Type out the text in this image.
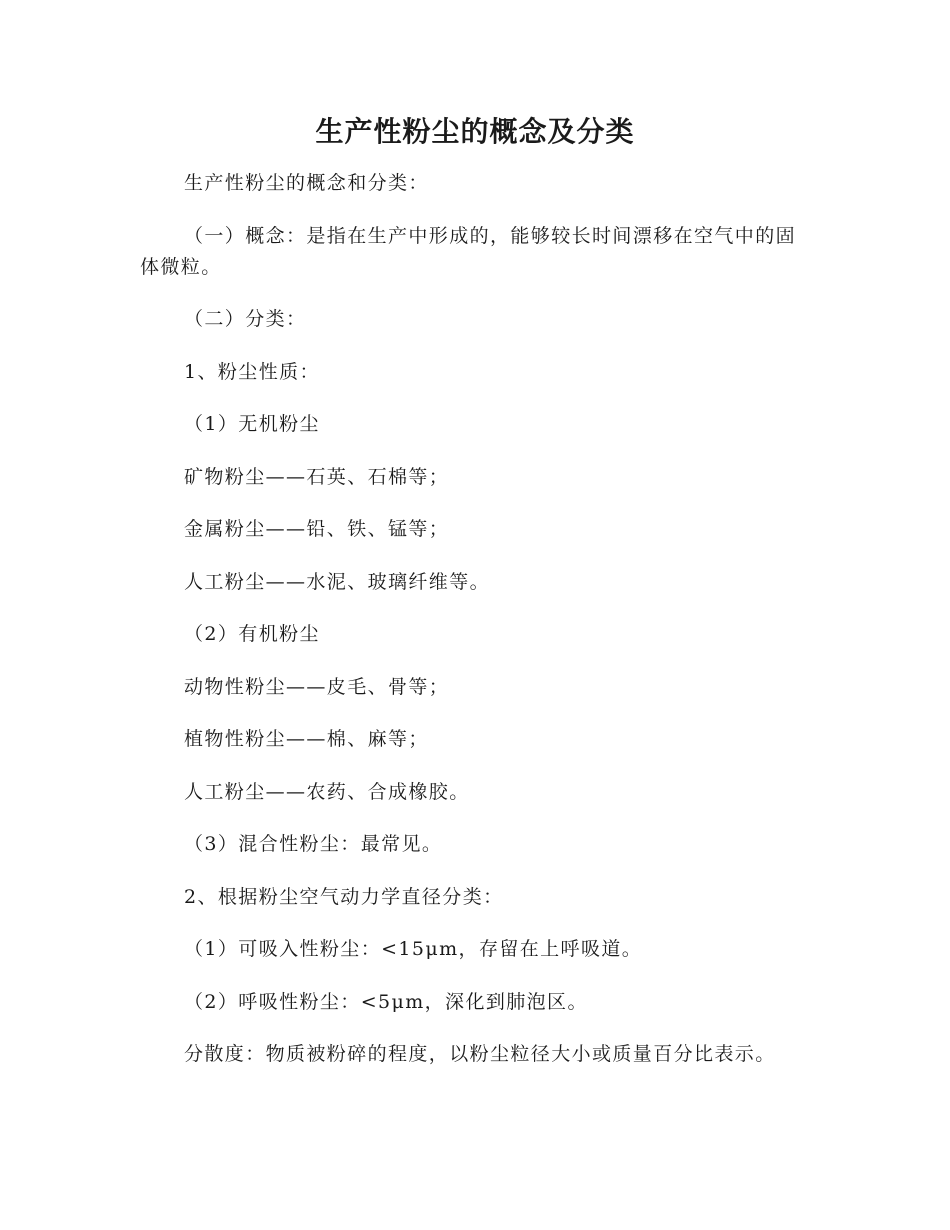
生产性粉尘的概念及分类

生产性粉尘的概念和分类：

（一）概念：是指在生产中形成的，能够较长时间漂移在空气中的固体微粒。

（二）分类：

1、粉尘性质：

（1）无机粉尘

矿物粉尘——石英、石棉等；

金属粉尘——铅、铁、锰等；

人工粉尘——水泥、玻璃纤维等。

（2）有机粉尘

动物性粉尘——皮毛、骨等；

植物性粉尘——棉、麻等；

人工粉尘——农药、合成橡胶。

（3）混合性粉尘：最常见。

2、根据粉尘空气动力学直径分类：

（1）可吸入性粉尘：<15μm，存留在上呼吸道。

（2）呼吸性粉尘：<5μm，深化到肺泡区。

分散度：物质被粉碎的程度，以粉尘粒径大小或质量百分比表示。
